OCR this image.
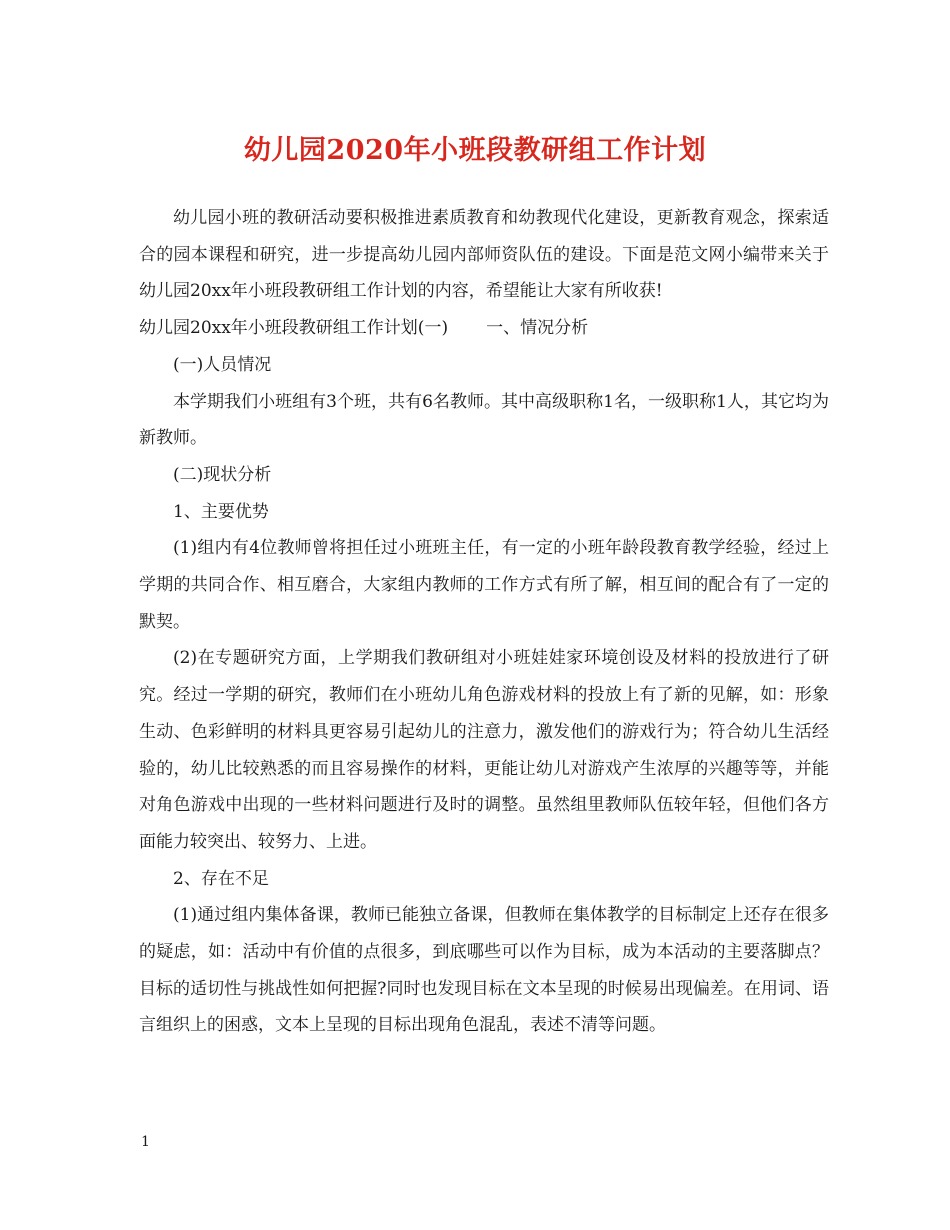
幼儿园2020年小班段教研组工作计划

幼儿园小班的教研活动要积极推进素质教育和幼教现代化建设，更新教育观念，探索适合的园本课程和研究，进一步提高幼儿园内部师资队伍的建设。下面是范文网小编带来关于幼儿园20xx年小班段教研组工作计划的内容，希望能让大家有所收获!

幼儿园20xx年小班段教研组工作计划(一) 一、情况分析

(一)人员情况

本学期我们小班组有3个班，共有6名教师。其中高级职称1名，一级职称1人，其它均为新教师。

(二)现状分析

1、主要优势

(1)组内有4位教师曾将担任过小班班主任，有一定的小班年龄段教育教学经验，经过上学期的共同合作、相互磨合，大家组内教师的工作方式有所了解，相互间的配合有了一定的默契。

(2)在专题研究方面，上学期我们教研组对小班娃娃家环境创设及材料的投放进行了研究。经过一学期的研究，教师们在小班幼儿角色游戏材料的投放上有了新的见解，如：形象生动、色彩鲜明的材料具更容易引起幼儿的注意力，激发他们的游戏行为；符合幼儿生活经验的，幼儿比较熟悉的而且容易操作的材料，更能让幼儿对游戏产生浓厚的兴趣等等，并能对角色游戏中出现的一些材料问题进行及时的调整。虽然组里教师队伍较年轻，但他们各方面能力较突出、较努力、上进。

2、存在不足

(1)通过组内集体备课，教师已能独立备课，但教师在集体教学的目标制定上还存在很多的疑虑，如：活动中有价值的点很多，到底哪些可以作为目标，成为本活动的主要落脚点？目标的适切性与挑战性如何把握?同时也发现目标在文本呈现的时候易出现偏差。在用词、语言组织上的困惑，文本上呈现的目标出现角色混乱，表述不清等问题。

1
